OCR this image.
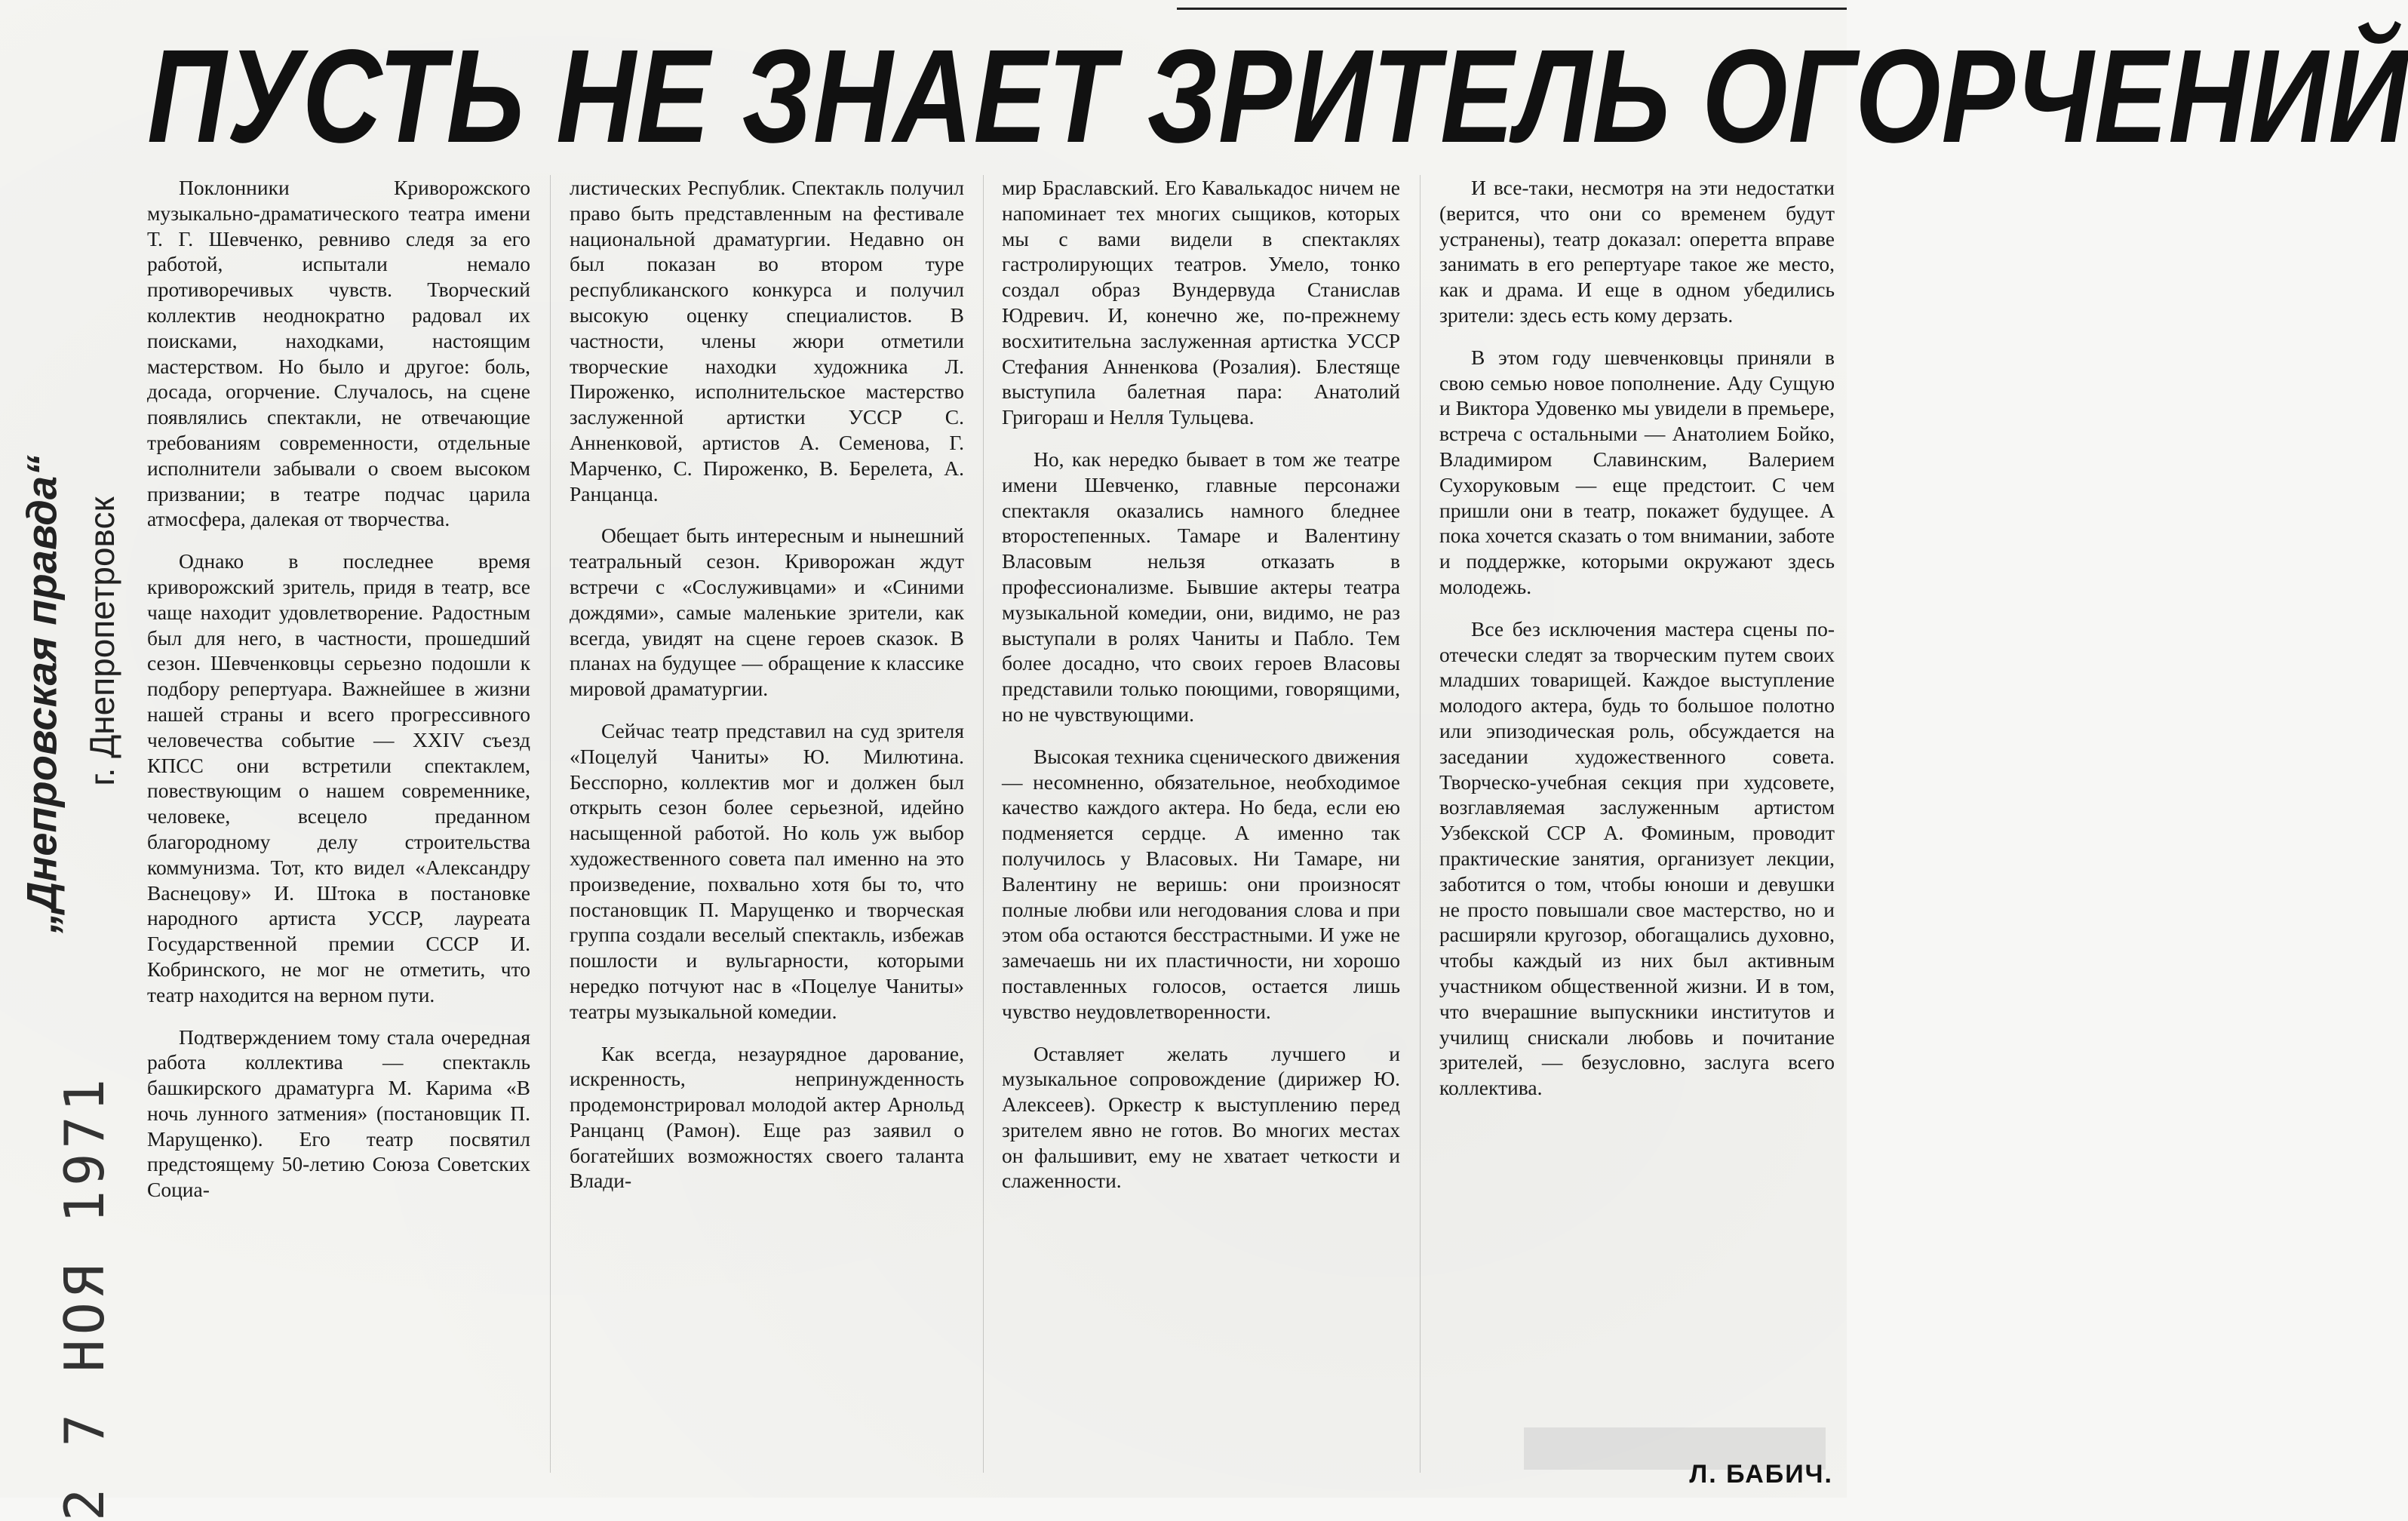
ПУСТЬ НЕ ЗНАЕТ ЗРИТЕЛЬ ОГОРЧЕНИЙ
„Днепровская правда“ г. Днепропетровск
2 7 НОЯ 1971

Поклонники Криворожского музыкально-драматического театра имени Т. Г. Шевченко, ревниво следя за его работой, испытали немало противоречивых чувств. Творческий коллектив неоднократно радовал их поисками, находками, настоящим мастерством. Но было и другое: боль, досада, огорчение. Случалось, на сцене появлялись спектакли, не отвечающие требованиям современности, отдельные исполнители забывали о своем высоком призвании; в театре подчас царила атмосфера, далекая от творчества.

Однако в последнее время криворожский зритель, придя в театр, все чаще находит удовлетворение. Радостным был для него, в частности, прошедший сезон. Шевченковцы серьезно подошли к подбору репертуара. Важнейшее в жизни нашей страны и всего прогрессивного человечества событие — XXIV съезд КПСС они встретили спектаклем, повествующим о нашем современнике, человеке, всецело преданном благородному делу строительства коммунизма. Тот, кто видел «Александру Васнецову» И. Штока в постановке народного артиста УССР, лауреата Государственной премии СССР И. Кобринского, не мог не отметить, что театр находится на верном пути.

Подтверждением тому стала очередная работа коллектива — спектакль башкирского драматурга М. Карима «В ночь лунного затмения» (постановщик П. Марущенко). Его театр посвятил предстоящему 50-летию Союза Советских Социа-

листических Республик. Спектакль получил право быть представленным на фестивале национальной драматургии. Недавно он был показан во втором туре республиканского конкурса и получил высокую оценку специалистов. В частности, члены жюри отметили творческие находки художника Л. Пироженко, исполнительское мастерство заслуженной артистки УССР С. Анненковой, артистов А. Семенова, Г. Марченко, С. Пироженко, В. Берелета, А. Ранцанца.

Обещает быть интересным и нынешний театральный сезон. Криворожан ждут встречи с «Сослуживцами» и «Синими дождями», самые маленькие зрители, как всегда, увидят на сцене героев сказок. В планах на будущее — обращение к классике мировой драматургии.

Сейчас театр представил на суд зрителя «Поцелуй Чаниты» Ю. Милютина. Бесспорно, коллектив мог и должен был открыть сезон более серьезной, идейно насыщенной работой. Но коль уж выбор художественного совета пал именно на это произведение, похвально хотя бы то, что постановщик П. Марущенко и творческая группа создали веселый спектакль, избежав пошлости и вульгарности, которыми нередко потчуют нас в «Поцелуе Чаниты» театры музыкальной комедии.

Как всегда, незаурядное дарование, искренность, непринужденность продемонстрировал молодой актер Арнольд Ранцанц (Рамон). Еще раз заявил о богатейших возможностях своего таланта Влади-

мир Браславский. Его Кавалькадос ничем не напоминает тех многих сыщиков, которых мы с вами видели в спектаклях гастролирующих театров. Умело, тонко создал образ Вундервуда Станислав Юдревич. И, конечно же, по-прежнему восхитительна заслуженная артистка УССР Стефания Анненкова (Розалия). Блестяще выступила балетная пара: Анатолий Григораш и Нелля Тульцева.

Но, как нередко бывает в том же театре имени Шевченко, главные персонажи спектакля оказались намного бледнее второстепенных. Тамаре и Валентину Власовым нельзя отказать в профессионализме. Бывшие актеры театра музыкальной комедии, они, видимо, не раз выступали в ролях Чаниты и Пабло. Тем более досадно, что своих героев Власовы представили только поющими, говорящими, но не чувствующими.

Высокая техника сценического движения — несомненно, обязательное, необходимое качество каждого актера. Но беда, если ею подменяется сердце. А именно так получилось у Власовых. Ни Тамаре, ни Валентину не веришь: они произносят полные любви или негодования слова и при этом оба остаются бесстрастными. И уже не замечаешь ни их пластичности, ни хорошо поставленных голосов, остается лишь чувство неудовлетворенности.

Оставляет желать лучшего и музыкальное сопровождение (дирижер Ю. Алексеев). Оркестр к выступлению перед зрителем явно не готов. Во многих местах он фальшивит, ему не хватает четкости и слаженности.

И все-таки, несмотря на эти недостатки (верится, что они со временем будут устранены), театр доказал: оперетта вправе занимать в его репертуаре такое же место, как и драма. И еще в одном убедились зрители: здесь есть кому дерзать.

В этом году шевченковцы приняли в свою семью новое пополнение. Аду Сущую и Виктора Удовенко мы увидели в премьере, встреча с остальными — Анатолием Бойко, Владимиром Славинским, Валерием Сухоруковым — еще предстоит. С чем пришли они в театр, покажет будущее. А пока хочется сказать о том внимании, заботе и поддержке, которыми окружают здесь молодежь.

Все без исключения мастера сцены по-отечески следят за творческим путем своих младших товарищей. Каждое выступление молодого актера, будь то большое полотно или эпизодическая роль, обсуждается на заседании художественного совета. Творческо-учебная секция при худсовете, возглавляемая заслуженным артистом Узбекской ССР А. Фоминым, проводит практические занятия, организует лекции, заботится о том, чтобы юноши и девушки не просто повышали свое мастерство, но и расширяли кругозор, обогащались духовно, чтобы каждый из них был активным участником общественной жизни. И в том, что вчерашние выпускники институтов и училищ снискали любовь и почитание зрителей, — безусловно, заслуга всего коллектива.

Л. БАБИЧ.
